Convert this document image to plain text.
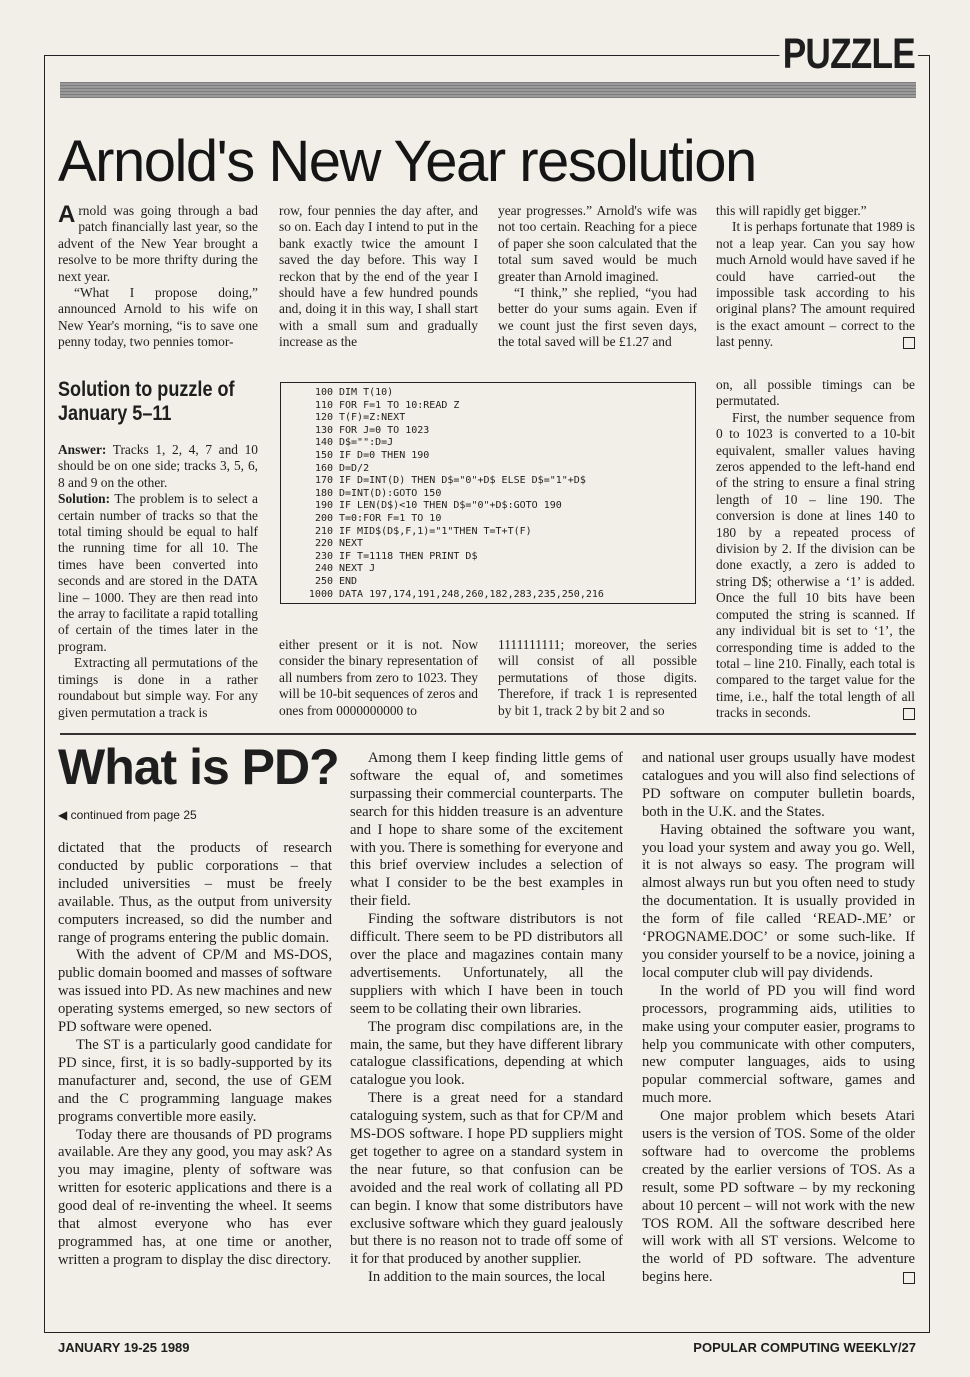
PUZZLE
Arnold's New Year resolution

Arnold was going through a bad patch financially last year, so the advent of the New Year brought a resolve to be more thrifty during the next year.

“What I propose doing,” announced Arnold to his wife on New Year's morning, “is to save one penny today, two pennies tomor-

row, four pennies the day after, and so on. Each day I intend to put in the bank exactly twice the amount I saved the day before. This way I reckon that by the end of the year I should have a few hundred pounds and, doing it in this way, I shall start with a small sum and gradually increase as the

year progresses.” Arnold's wife was not too certain. Reaching for a piece of paper she soon calculated that the total sum saved would be much greater than Arnold imagined.

“I think,” she replied, “you had better do your sums again. Even if we count just the first seven days, the total saved will be £1.27 and

this will rapidly get bigger.”

It is perhaps fortunate that 1989 is not a leap year. Can you say how much Arnold would have saved if he could have carried-out the impossible task according to his original plans? The amount required is the exact amount – correct to the last penny.

Solution to puzzle of January 5–11

Answer: Tracks 1, 2, 4, 7 and 10 should be on one side; tracks 3, 5, 6, 8 and 9 on the other.

Solution: The problem is to select a certain number of tracks so that the total timing should be equal to half the running time for all 10. The times have been converted into seconds and are stored in the DATA line – 1000. They are then read into the array to facilitate a rapid totalling of certain of the times later in the program.

Extracting all permutations of the timings is done in a rather roundabout but simple way. For any given permutation a track is

100 DIM T(10)
110 FOR F=1 TO 10:READ Z
120 T(F)=Z:NEXT
130 FOR J=0 TO 1023
140 D$="":D=J
150 IF D=0 THEN 190
160 D=D/2
170 IF D=INT(D) THEN D$="0"+D$ ELSE D$="1"+D$
180 D=INT(D):GOTO 150
190 IF LEN(D$)<10 THEN D$="0"+D$:GOTO 190
200 T=0:FOR F=1 TO 10
210 IF MID$(D$,F,1)="1"THEN T=T+T(F)
220 NEXT
230 IF T=1118 THEN PRINT D$
240 NEXT J
250 END
1000 DATA 197,174,191,248,260,182,283,235,250,216

either present or it is not. Now consider the binary representation of all numbers from zero to 1023. They will be 10-bit sequences of zeros and ones from 0000000000 to

1111111111; moreover, the series will consist of all possible permutations of those digits. Therefore, if track 1 is represented by bit 1, track 2 by bit 2 and so

on, all possible timings can be permutated.

First, the number sequence from 0 to 1023 is converted to a 10-bit equivalent, smaller values having zeros appended to the left-hand end of the string to ensure a final string length of 10 – line 190. The conversion is done at lines 140 to 180 by a repeated process of division by 2. If the division can be done exactly, a zero is added to string D$; otherwise a ‘1’ is added. Once the full 10 bits have been computed the string is scanned. If any individual bit is set to ‘1’, the corresponding time is added to the total – line 210. Finally, each total is compared to the target value for the time, i.e., half the total length of all tracks in seconds.

What is PD?
◀ continued from page 25

dictated that the products of research conducted by public corporations – that included universities – must be freely available. Thus, as the output from university computers increased, so did the number and range of programs entering the public domain.

With the advent of CP/M and MS-DOS, public domain boomed and masses of software was issued into PD. As new machines and new operating systems emerged, so new sectors of PD software were opened.

The ST is a particularly good candidate for PD since, first, it is so badly-supported by its manufacturer and, second, the use of GEM and the C programming language makes programs convertible more easily.

Today there are thousands of PD programs available. Are they any good, you may ask? As you may imagine, plenty of software was written for esoteric applications and there is a good deal of re-inventing the wheel. It seems that almost everyone who has ever programmed has, at one time or another, written a program to display the disc directory.

Among them I keep finding little gems of software the equal of, and sometimes surpassing their commercial counterparts. The search for this hidden treasure is an adventure and I hope to share some of the excitement with you. There is something for everyone and this brief overview includes a selection of what I consider to be the best examples in their field.

Finding the software distributors is not difficult. There seem to be PD distributors all over the place and magazines contain many advertisements. Unfortunately, all the suppliers with which I have been in touch seem to be collating their own libraries.

The program disc compilations are, in the main, the same, but they have different library catalogue classifications, depending at which catalogue you look.

There is a great need for a standard cataloguing system, such as that for CP/M and MS-DOS software. I hope PD suppliers might get together to agree on a standard system in the near future, so that confusion can be avoided and the real work of collating all PD can begin. I know that some distributors have exclusive software which they guard jealously but there is no reason not to trade off some of it for that produced by another supplier.

In addition to the main sources, the local

and national user groups usually have modest catalogues and you will also find selections of PD software on computer bulletin boards, both in the U.K. and the States.

Having obtained the software you want, you load your system and away you go. Well, it is not always so easy. The program will almost always run but you often need to study the documentation. It is usually provided in the form of file called ‘READ-.ME’ or ‘PROGNAME.DOC’ or some such-like. If you consider yourself to be a novice, joining a local computer club will pay dividends.

In the world of PD you will find word processors, programming aids, utilities to make using your computer easier, programs to help you communicate with other computers, new computer languages, aids to using popular commercial software, games and much more.

One major problem which besets Atari users is the version of TOS. Some of the older software had to overcome the problems created by the earlier versions of TOS. As a result, some PD software – by my reckoning about 10 percent – will not work with the new TOS ROM. All the software described here will work with all ST versions. Welcome to the world of PD software. The adventure begins here.

JANUARY 19-25 1989	POPULAR COMPUTING WEEKLY/27
